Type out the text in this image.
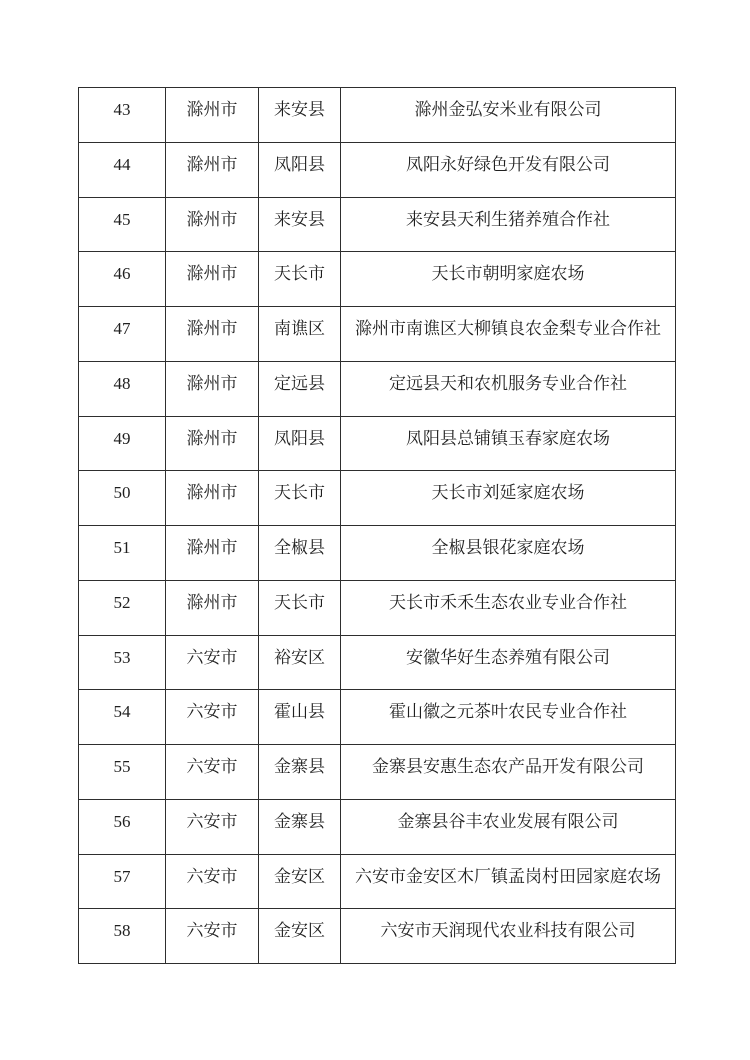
43	滁州市	来安县	滁州金弘安米业有限公司
44	滁州市	凤阳县	凤阳永好绿色开发有限公司
45	滁州市	来安县	来安县天利生猪养殖合作社
46	滁州市	天长市	天长市朝明家庭农场
47	滁州市	南谯区	滁州市南谯区大柳镇良农金梨专业合作社
48	滁州市	定远县	定远县天和农机服务专业合作社
49	滁州市	凤阳县	凤阳县总铺镇玉春家庭农场
50	滁州市	天长市	天长市刘延家庭农场
51	滁州市	全椒县	全椒县银花家庭农场
52	滁州市	天长市	天长市禾禾生态农业专业合作社
53	六安市	裕安区	安徽华好生态养殖有限公司
54	六安市	霍山县	霍山徽之元茶叶农民专业合作社
55	六安市	金寨县	金寨县安惠生态农产品开发有限公司
56	六安市	金寨县	金寨县谷丰农业发展有限公司
57	六安市	金安区	六安市金安区木厂镇孟岗村田园家庭农场
58	六安市	金安区	六安市天润现代农业科技有限公司
